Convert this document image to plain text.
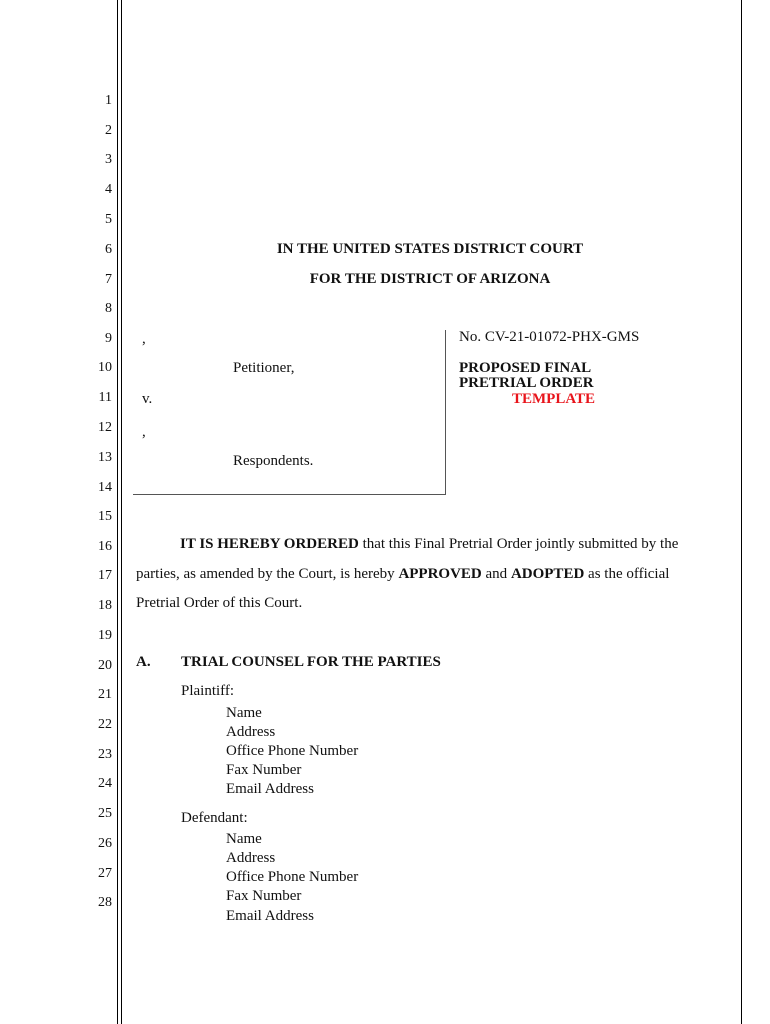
1
2
3
4
5
6
7
8
9
10
11
12
13
14
15
16
17
18
19
20
21
22
23
24
25
26
27
28
IN THE UNITED STATES DISTRICT COURT
FOR THE DISTRICT OF ARIZONA
,
Petitioner,
v.
,
Respondents.
No. CV-21-01072-PHX-GMS
PROPOSED FINAL
PRETRIAL ORDER
TEMPLATE
IT IS HEREBY ORDERED that this Final Pretrial Order jointly submitted by the
parties, as amended by the Court, is hereby APPROVED and ADOPTED as the official
Pretrial Order of this Court.
A. TRIAL COUNSEL FOR THE PARTIES
Plaintiff:
Name
Address
Office Phone Number
Fax Number
Email Address
Defendant:
Name
Address
Office Phone Number
Fax Number
Email Address
